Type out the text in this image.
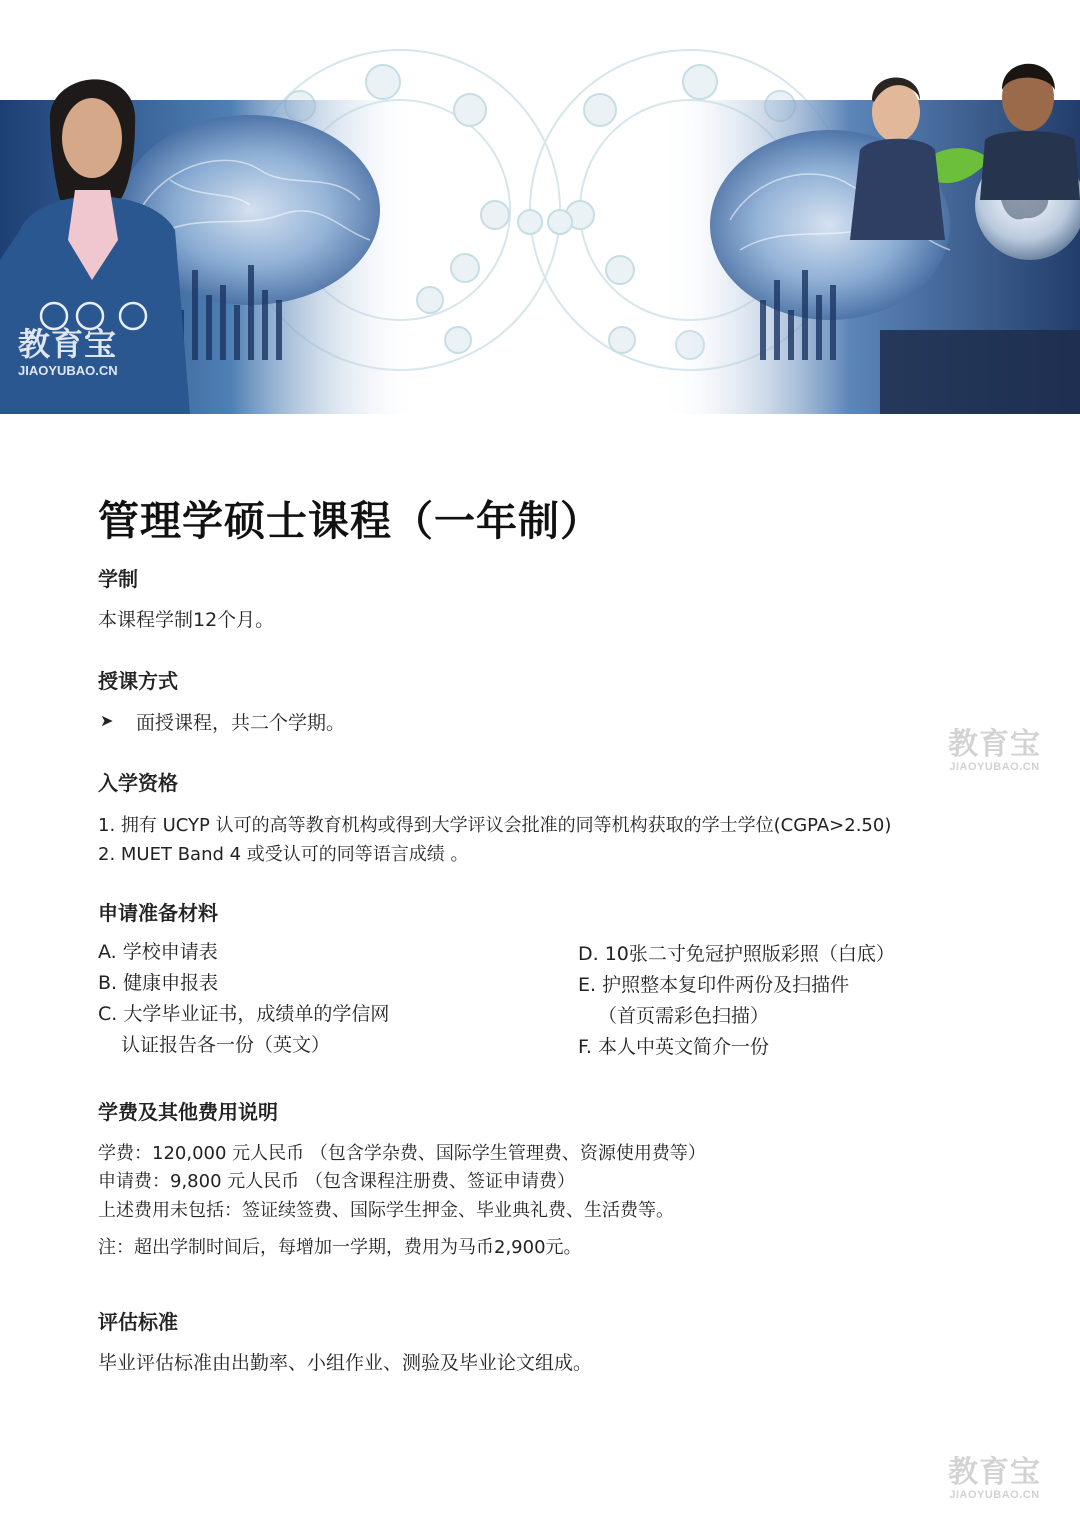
教育宝
JIAOYUBAO.CN
管理学硕士课程（一年制）
学制
本课程学制12个月。
授课方式
➤ 面授课程，共二个学期。
入学资格
1. 拥有 UCYP 认可的高等教育机构或得到大学评议会批准的同等机构获取的学士学位(CGPA>2.50)
2. MUET Band 4 或受认可的同等语言成绩 。
申请准备材料
A. 学校申请表
B. 健康申报表
C. 大学毕业证书，成绩单的学信网
认证报告各一份（英文）
D. 10张二寸免冠护照版彩照（白底）
E. 护照整本复印件两份及扫描件
（首页需彩色扫描）
F. 本人中英文简介一份
学费及其他费用说明
学费：120,000 元人民币 （包含学杂费、国际学生管理费、资源使用费等）
申请费：9,800 元人民币 （包含课程注册费、签证申请费）
上述费用未包括：签证续签费、国际学生押金、毕业典礼费、生活费等。
注：超出学制时间后，每增加一学期，费用为马币2,900元。
评估标准
毕业评估标准由出勤率、小组作业、测验及毕业论文组成。
教育宝
JIAOYUBAO.CN
教育宝
JIAOYUBAO.CN
